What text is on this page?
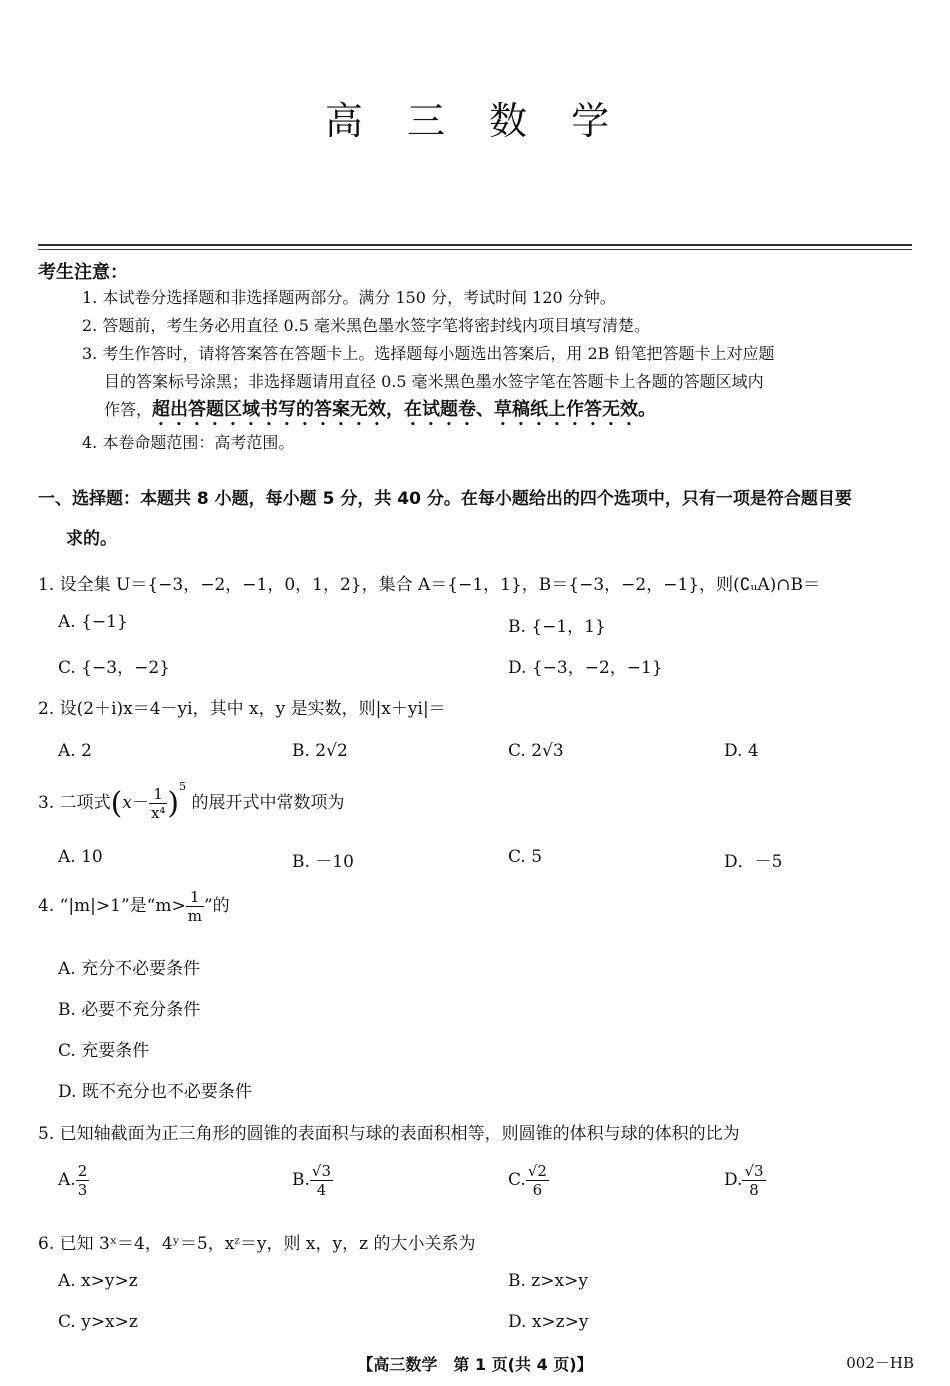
高 三 数 学
考生注意：
1. 本试卷分选择题和非选择题两部分。满分 150 分，考试时间 120 分钟。
2. 答题前，考生务必用直径 0.5 毫米黑色墨水签字笔将密封线内项目填写清楚。
3. 考生作答时，请将答案答在答题卡上。选择题每小题选出答案后，用 2B 铅笔把答题卡上对应题
目的答案标号涂黑；非选择题请用直径 0.5 毫米黑色墨水签字笔在答题卡上各题的答题区域内
作答，超出答题区域书写的答案无效，在试题卷、草稿纸上作答无效。
4. 本卷命题范围：高考范围。
一、选择题：本题共 8 小题，每小题 5 分，共 40 分。在每小题给出的四个选项中，只有一项是符合题目要
求的。
1. 设全集 U＝{−3，−2，−1，0，1，2}，集合 A＝{−1，1}，B＝{−3，−2，−1}，则(∁ᵤA)∩B＝
A. {−1}	B. {−1，1}
C. {−3，−2}	D. {−3，−2，−1}
2. 设(2＋i)x＝4－yi，其中 x，y 是实数，则|x＋yi|＝
A. 2	B. 2√2	C. 2√3	D. 4
3. 二项式$(x- \frac{1}{\text{x⁴}} )^5$ 的展开式中常数项为
A. 10	B. －10	C. 5	D．－5
4. “|m|>1”是“$m> \frac{1}{m}$ ”的
A. 充分不必要条件
B. 必要不充分条件
C. 充要条件
D. 既不充分也不必要条件
5. 已知轴截面为正三角形的圆锥的表面积与球的表面积相等，则圆锥的体积与球的体积的比为
A. $\frac{2}{3}$	B. $\frac{√3}{4}$	C. $\frac{√2}{6}$	D. $\frac{√3}{8}$
6. 已知 3ˣ＝4，4ʸ＝5，xᶻ＝y，则 x，y，z 的大小关系为
A. x>y>z	B. z>x>y
C. y>x>z	D. x>z>y
【高三数学　第 1 页(共 4 页)】	002－HB
